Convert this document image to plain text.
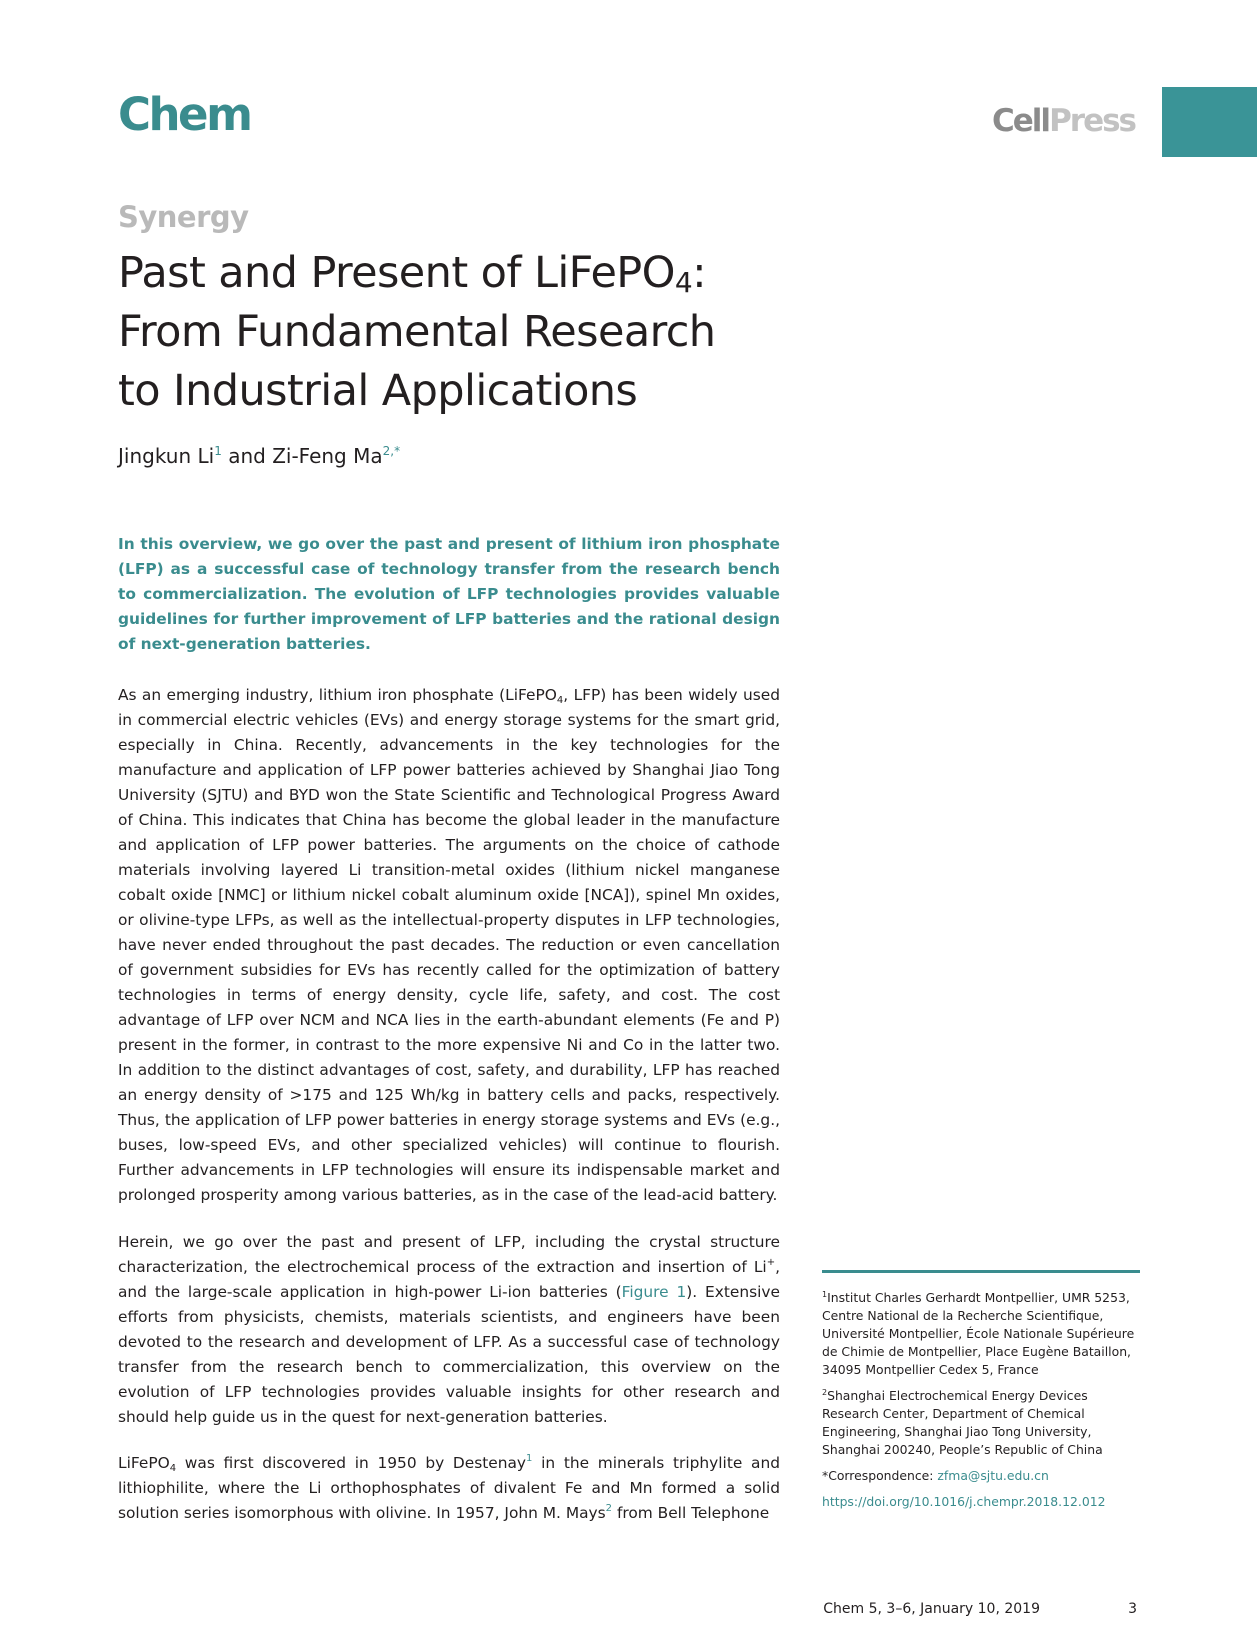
Chem	CellPress
Synergy
Past and Present of LiFePO$_4$:
From Fundamental Research
to Industrial Applications
Jingkun Li$^1$ and Zi-Feng $Ma^{2,*}$

In this overview, we go over the past and present of lithium iron phosphate (LFP) as a successful case of technology transfer from the research bench to commercialization. The evolution of LFP technologies provides valuable guidelines for further improvement of LFP batteries and the rational design of next-generation batteries.

As an emerging industry, lithium iron phosphate (LiFePO$_4$, LFP) has been widely used in commercial electric vehicles (EVs) and energy storage systems for the smart grid, especially in China. Recently, advancements in the key technologies for the manufacture and application of LFP power batteries achieved by Shanghai Jiao Tong University (SJTU) and BYD won the State Scientific and Technological Progress Award of China. This indicates that China has become the global leader in the manufacture and application of LFP power batteries. The arguments on the choice of cathode materials involving layered Li transition-metal oxides (lithium nickel manganese cobalt oxide [NMC] or lithium nickel cobalt aluminum oxide [NCA]), spinel Mn oxides, or olivine-type LFPs, as well as the intellectual-property disputes in LFP technologies, have never ended throughout the past decades. The reduction or even cancellation of government subsidies for EVs has recently called for the optimization of battery technologies in terms of energy density, cycle life, safety, and cost. The cost advantage of LFP over NCM and NCA lies in the earth-abundant elements (Fe and P) present in the former, in contrast to the more expensive Ni and Co in the latter two. In addition to the distinct advantages of cost, safety, and durability, LFP has reached an energy density of >175 and 125 Wh/kg in battery cells and packs, respectively. Thus, the application of LFP power batteries in energy storage systems and EVs (e.g., buses, low-speed EVs, and other specialized vehicles) will continue to flourish. Further advancements in LFP technologies will ensure its indispensable market and prolonged prosperity among various batteries, as in the case of the lead-acid battery.

Herein, we go over the past and present of LFP, including the crystal structure characterization, the electrochemical process of the extraction and insertion of Li+, and the large-scale application in high-power Li-ion batteries (Figure 1). Extensive efforts from physicists, chemists, materials scientists, and engineers have been devoted to the research and development of LFP. As a successful case of technology transfer from the research bench to commercialization, this overview on the evolution of LFP technologies provides valuable insights for other research and should help guide us in the quest for next-generation batteries.

LiFePO$_4$ was first discovered in 1950 by Destenay$^1$ in the minerals triphylite and lithiophilite, where the Li orthophosphates of divalent Fe and Mn formed a solid solution series isomorphous with olivine. In 1957, John M. Mays$^2$ from Bell Telephone

$^1$Institut Charles Gerhardt Montpellier, UMR 5253, Centre National de la Recherche Scientifique, Université Montpellier, École Nationale Supérieure de Chimie de Montpellier, Place Eugène Bataillon, 34095 Montpellier Cedex 5, France

$^2$Shanghai Electrochemical Energy Devices Research Center, Department of Chemical Engineering, Shanghai Jiao Tong University, Shanghai 200240, People’s Republic of China

*Correspondence: zfma@sjtu.edu.cn

https://doi.org/10.1016/j.chempr.2018.12.012

Chem 5, 3–6, January 10, 2019	3
